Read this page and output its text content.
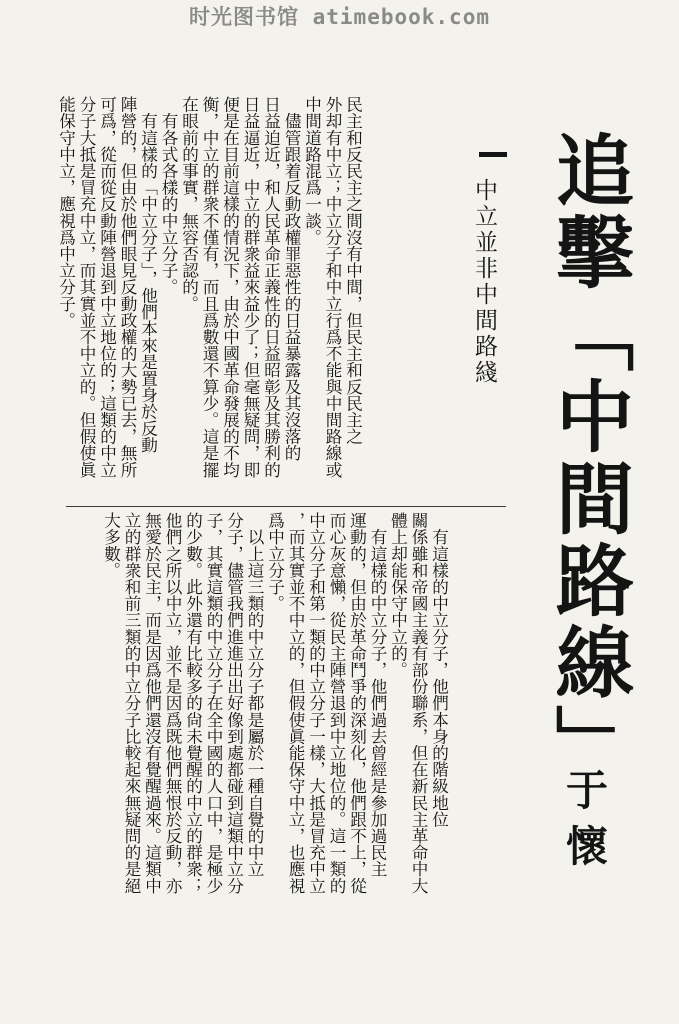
时光图书馆 atimebook.com
追擊「中間路線」
于懷
中立並非中間路綫
民主和反民主之間沒有中間，但民主和反民主之
外却有中立；中立分子和中立行爲不能與中間路線或
中間道路混爲一談。
　儘管跟着反動政權罪惡性的日益暴露及其沒落的
日益迫近，和人民革命正義性的日益昭彰及其勝利的
日益逼近，中立的群衆益來益少了；但毫無疑問，即
便是在目前這樣的情況下，由於中國革命發展的不均
衡，中立的群衆不僅有，而且爲數還不算少。這是擺
在眼前的事實，無容否認的。
　有各式各樣的中立分子。
　有這樣的「中立分子」，他們本來是置身於反動
陣營的，但由於他們眼見反動政權的大勢已去，無所
可爲，從而從反動陣營退到中立地位的；這類的中立
分子大抵是冒充中立，而其實並不中立的。但假使眞
能保守中立，應視爲中立分子。
　有這樣的中立分子，他們本身的階級地位
關係雖和帝國主義有部份聯系，但在新民主革命中大
體上却能保守中立的。
　有這樣的中立分子，他們過去曾經是參加過民主
運動的，但由於革命鬥爭的深刻化，他們跟不上，從
而心灰意懶，從民主陣營退到中立地位的。這一類的
中立分子和第一類的中立分子一樣，大抵是冒充中立
，而其實並不中立的，但假使眞能保守中立，也應視
爲中立分子。
　以上這三類的中立分子都是屬於一種自覺的中立
分子，儘管我們進進出出好像到處都碰到這類中立分
子，其實這類的中立分子在全中國的人口中，是極少
的少數。此外還有比較多的尙未覺醒的中立的群衆；
他們之所以中立，並不是因爲既他們無恨於反動，亦
無愛於民主，而是因爲他們還沒有覺醒過來。這類中
立的群衆和前三類的中立分子比較起來無疑問的是絕
大多數。
